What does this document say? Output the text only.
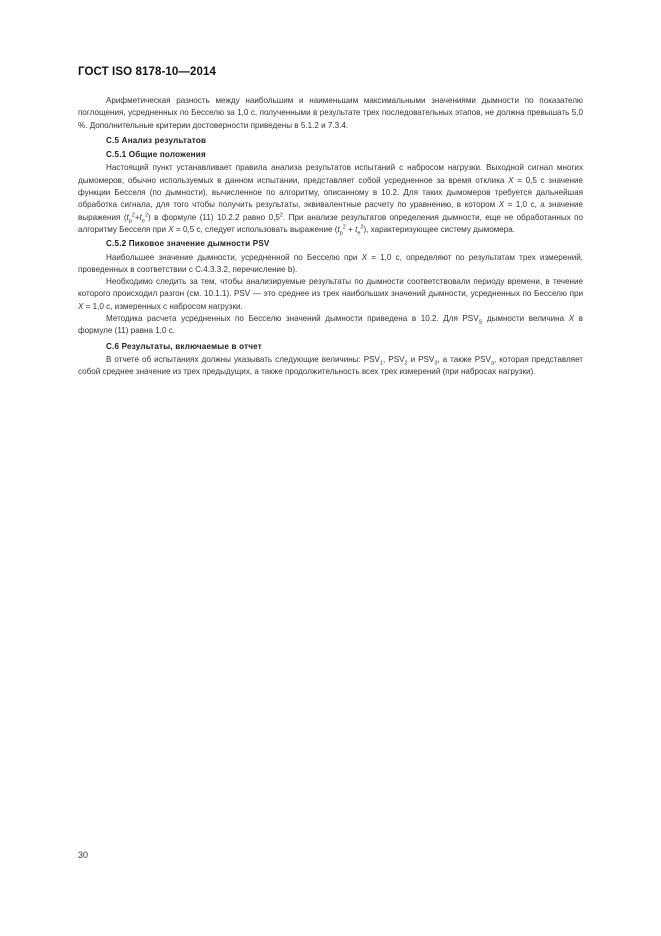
ГОСТ ISO 8178-10—2014

Арифметическая разность между наибольшим и наименьшим максимальными значениями дымности по показателю поглощения, усредненных по Бесселю за 1,0 с, полученными в результате трех последовательных этапов, не должна превышать 5,0 %. Дополнительные критерии достоверности приведены в 5.1.2 и 7.3.4.

С.5 Анализ результатов
С.5.1 Общие положения

Настоящий пункт устанавливает правила анализа результатов испытаний с набросом нагрузки. Выходной сигнал многих дымомеров, обычно используемых в данном испытании, представляет собой усредненное за время отклика X = 0,5 с значение функции Бесселя (по дымности), вычисленное по алгоритму, описанному в 10.2. Для таких дымомеров требуется дальнейшая обработка сигнала, для того чтобы получить результаты, эквивалентные расчету по уравнению, в котором X = 1,0 с, а значение выражения $(t_p^2+t_e^2)$ в формуле (11) 10.2.2 равно $0,5^2$. При анализе результатов определения дымности, еще не обработанных по алгоритму Бесселя при X = 0,5 с, следует использовать выражение $(t_p^2 + t_e^2)$, характеризующее систему дымомера.

С.5.2 Пиковое значение дымности PSV

Наибольшее значение дымности, усредненной по Бесселю при X = 1,0 с, определяют по результатам трех измерений, проведенных в соответствии с С.4.3.3.2, перечисление b).

Необходимо следить за тем, чтобы анализируемые результаты по дымности соответствовали периоду времени, в течение которого происходил разгон (см. 10.1.1). PSV — это среднее из трех наибольших значений дымности, усредненных по Бесселю при X = 1,0 с, измеренных с набросом нагрузки.

Методика расчета усредненных по Бесселю значений дымности приведена в 10.2. Для $PSV_S$ дымности величина X в формуле (11) равна 1,0 с.

С.6 Результаты, включаемые в отчет

В отчете об испытаниях должны указывать следующие величины: $PSV_1$, $PSV_2$ и $PSV_3$, а также $PSV_a$, которая представляет собой среднее значение из трех предыдущих, а также продолжительность всех трех измерений (при набросах нагрузки).

30
